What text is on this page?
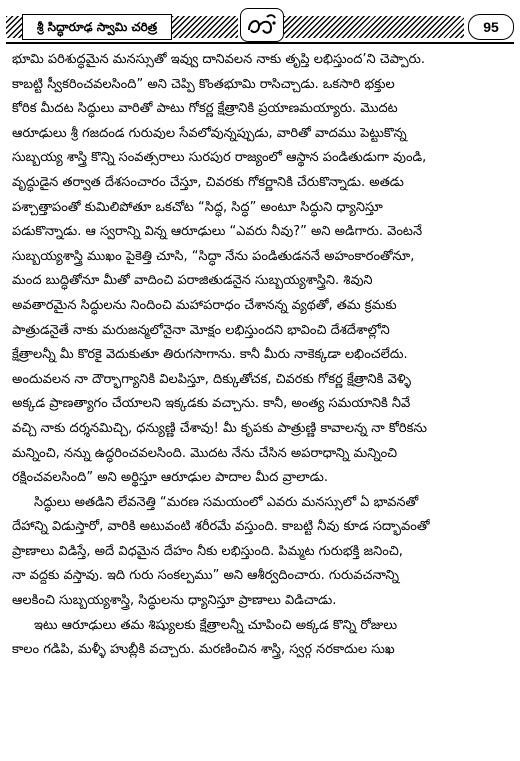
శ్రీ సిద్ధారూఢ స్వామి చరిత్ర	95
భూమి పరిశుద్ధమైన మనస్సుతో ఇవ్వు దానివలన నాకు తృప్తి లభిస్తుంద’ని చెప్పారు.
కాబట్టి స్వీకరించవలసింది” అని చెప్పి కొంతభూమి రాసిచ్చాడు. ఒకసారి భక్తుల
కోరిక మీదట సిద్ధులు వారితో పాటు గోకర్ణ క్షేత్రానికి ప్రయాణమయ్యారు. మొదట
ఆరూఢులు శ్రీ గజదండ గురువుల సేవలోవున్నప్పుడు, వారితో వాదము పెట్టుకొన్న
సుబ్బయ్య శాస్త్రి కొన్ని సంవత్సరాలు సురపుర రాజ్యంలో ఆస్థాన పండితుడుగా వుండి,
వృద్ధుడైన తర్వాత దేశసంచారం చేస్తూ, చివరకు గోకర్ణానికి చేరుకొన్నాడు. అతడు
పశ్చాత్తాపంతో కుమిలిపోతూ ఒకచోట “సిద్ధ, సిద్ధ” అంటూ సిద్ధుని ధ్యానిస్తూ
పడుకొన్నాడు. ఆ స్వరాన్ని విన్న ఆరూఢులు “ఎవరు నీవు?” అని అడిగారు. వెంటనే
సుబ్బయ్యశాస్త్రి ముఖం పైకెత్తి చూసి, “సిద్ధా నేను పండితుడననే అహంకారంతోనూ,
మంద బుద్ధితోనూ మీతో వాదించి పరాజితుడనైన సుబ్బయ్యశాస్త్రిని. శివుని
అవతారమైన సిద్ధులను నిందించి మహాపరాధం చేశానన్న వ్యథతో, తమ క్రమకు
పాత్రుడనైతే నాకు మరుజన్మలోనైనా మోక్షం లభిస్తుందని భావించి దేశదేశాల్లోని
క్షేత్రాలన్నీ మీ కొరకై వెదుకుతూ తిరుగసాగాను. కానీ మీరు నాకెక్కడా లభించలేదు.
అందువలన నా దౌర్భాగ్యానికి విలపిస్తూ, దిక్కుతోచక, చివరకు గోకర్ణ క్షేత్రానికి వెళ్ళి
అక్కడ ప్రాణత్యాగం చేయాలని ఇక్కడకు వచ్చాను. కానీ, అంత్య సమయానికి నీవే
వచ్చి నాకు దర్శనమిచ్చి, ధన్యుణ్ణి చేశావు! మీ కృపకు పాత్రుణ్ణి కావాలన్న నా కోరికను
మన్నించి, నన్ను ఉద్ధరించవలసింది. మొదట నేను చేసిన అపరాధాన్ని మన్నించి
రక్షించవలసింది” అని అర్థిస్తూ ఆరూఢుల పాదాల మీద వ్రాలాడు.
సిద్ధులు అతడిని లేవనెత్తి “మరణ సమయంలో ఎవరు మనస్సులో ఏ భావనతో
దేహాన్ని విడుస్తారో, వారికి అటువంటి శరీరమే వస్తుంది. కాబట్టి నీవు కూడ సద్భావంతో
ప్రాణాలు విడిస్తే, అదే విధమైన దేహం నీకు లభిస్తుంది. పిమ్మట గురుభక్తి జనించి,
నా వద్దకు వస్తావు. ఇది గురు సంకల్పము” అని ఆశీర్వదించారు. గురువచనాన్ని
ఆలకించి సుబ్బయ్యశాస్త్రి, సిద్ధులను ధ్యానిస్తూ ప్రాణాలు విడిచాడు.
ఇటు ఆరూఢులు తమ శిష్యులకు క్షేత్రాలన్నీ చూపించి అక్కడ కొన్ని రోజులు
కాలం గడిపి, మళ్ళీ హుబ్లీకి వచ్చారు. మరణించిన శాస్త్రి, స్వర్గ నరకాదుల సుఖ
